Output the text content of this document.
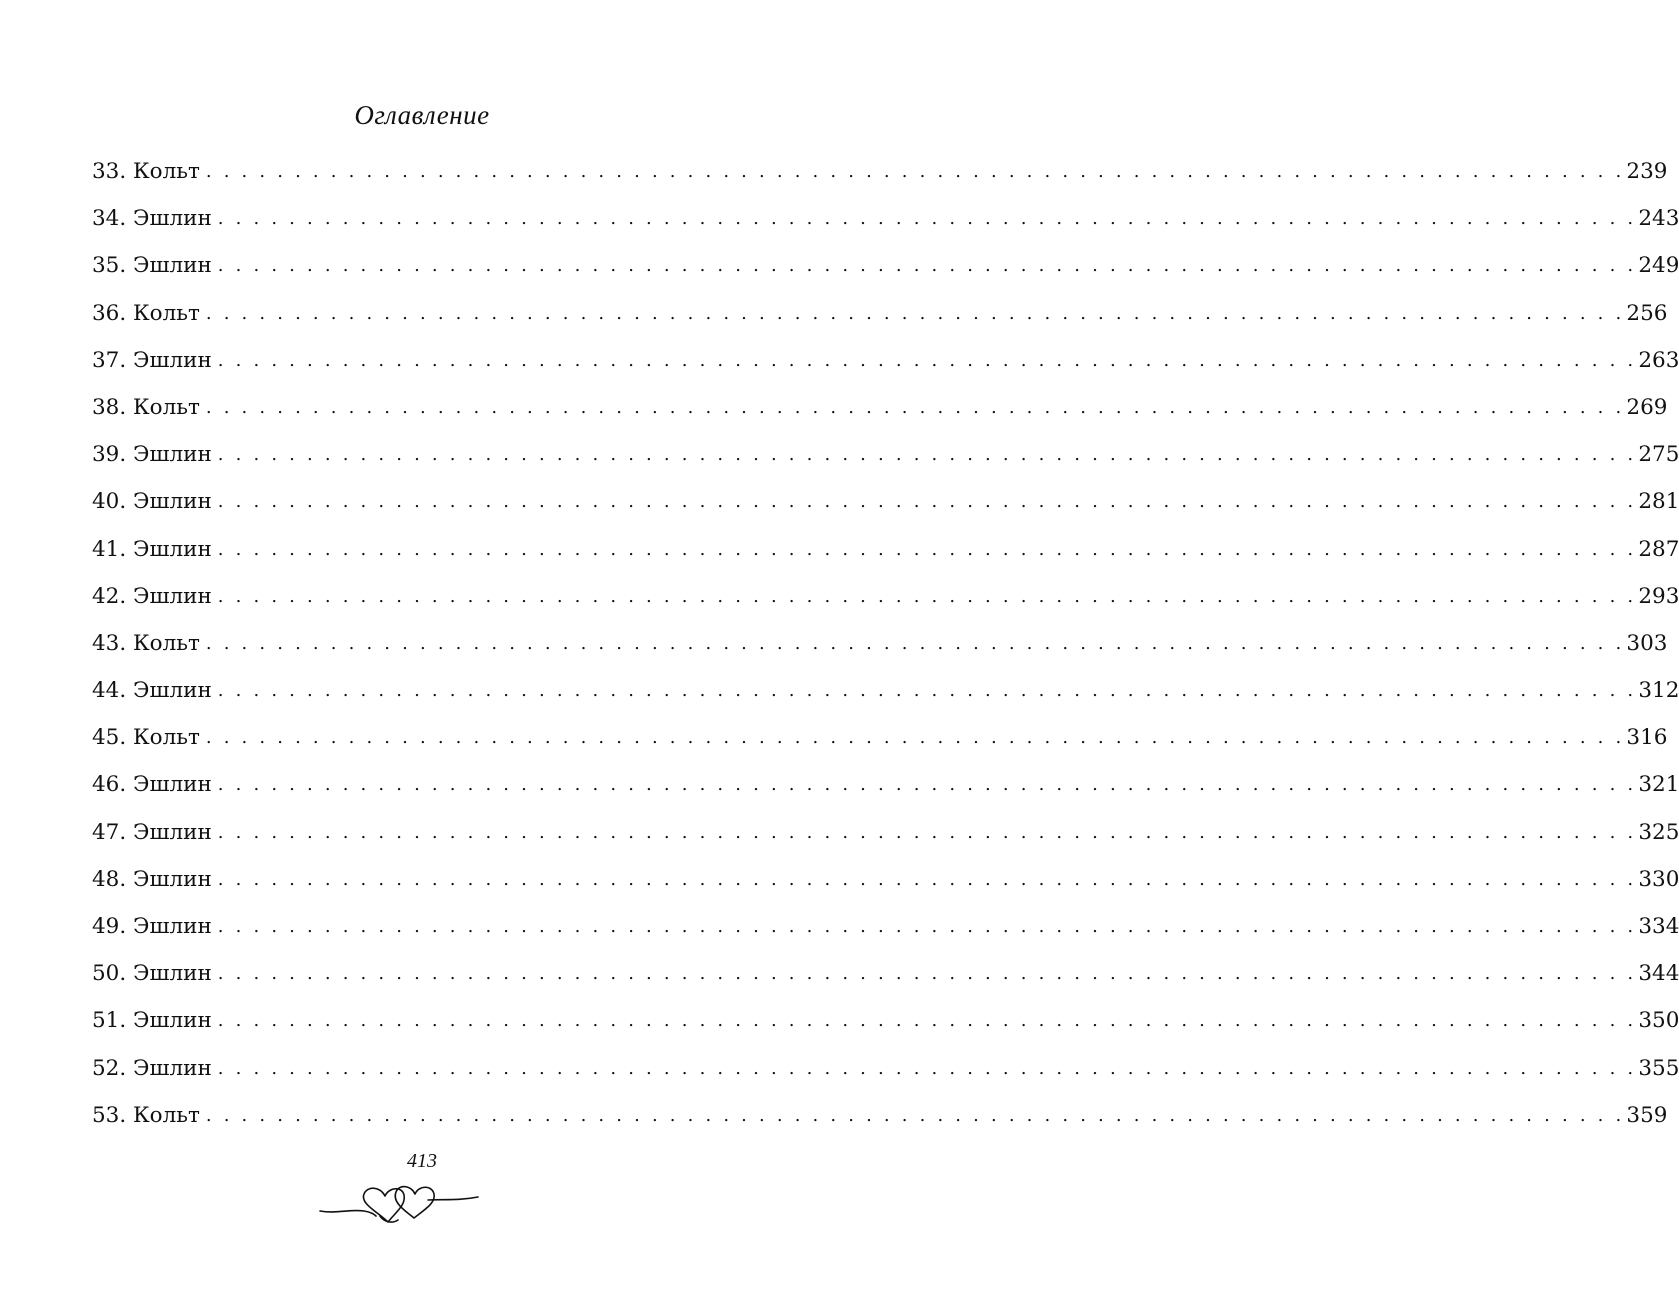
Оглавление
33. Кольт . . . . . . . . . . . . . . . . . . . . . . . . . . . . . . . . . . . . . . . . . . . . . . . . . . . . . . . . . . . . . . . . . . . . . . . . . . . . . . . . 239
34. Эшлин . . . . . . . . . . . . . . . . . . . . . . . . . . . . . . . . . . . . . . . . . . . . . . . . . . . . . . . . . . . . . . . . . . . . . . . . . . . . . . . . 243
35. Эшлин . . . . . . . . . . . . . . . . . . . . . . . . . . . . . . . . . . . . . . . . . . . . . . . . . . . . . . . . . . . . . . . . . . . . . . . . . . . . . . . . 249
36. Кольт . . . . . . . . . . . . . . . . . . . . . . . . . . . . . . . . . . . . . . . . . . . . . . . . . . . . . . . . . . . . . . . . . . . . . . . . . . . . . . . . 256
37. Эшлин . . . . . . . . . . . . . . . . . . . . . . . . . . . . . . . . . . . . . . . . . . . . . . . . . . . . . . . . . . . . . . . . . . . . . . . . . . . . . . . . 263
38. Кольт . . . . . . . . . . . . . . . . . . . . . . . . . . . . . . . . . . . . . . . . . . . . . . . . . . . . . . . . . . . . . . . . . . . . . . . . . . . . . . . . 269
39. Эшлин . . . . . . . . . . . . . . . . . . . . . . . . . . . . . . . . . . . . . . . . . . . . . . . . . . . . . . . . . . . . . . . . . . . . . . . . . . . . . . . . 275
40. Эшлин . . . . . . . . . . . . . . . . . . . . . . . . . . . . . . . . . . . . . . . . . . . . . . . . . . . . . . . . . . . . . . . . . . . . . . . . . . . . . . . . 281
41. Эшлин . . . . . . . . . . . . . . . . . . . . . . . . . . . . . . . . . . . . . . . . . . . . . . . . . . . . . . . . . . . . . . . . . . . . . . . . . . . . . . . . 287
42. Эшлин . . . . . . . . . . . . . . . . . . . . . . . . . . . . . . . . . . . . . . . . . . . . . . . . . . . . . . . . . . . . . . . . . . . . . . . . . . . . . . . . 293
43. Кольт . . . . . . . . . . . . . . . . . . . . . . . . . . . . . . . . . . . . . . . . . . . . . . . . . . . . . . . . . . . . . . . . . . . . . . . . . . . . . . . . 303
44. Эшлин . . . . . . . . . . . . . . . . . . . . . . . . . . . . . . . . . . . . . . . . . . . . . . . . . . . . . . . . . . . . . . . . . . . . . . . . . . . . . . . . 312
45. Кольт . . . . . . . . . . . . . . . . . . . . . . . . . . . . . . . . . . . . . . . . . . . . . . . . . . . . . . . . . . . . . . . . . . . . . . . . . . . . . . . . 316
46. Эшлин . . . . . . . . . . . . . . . . . . . . . . . . . . . . . . . . . . . . . . . . . . . . . . . . . . . . . . . . . . . . . . . . . . . . . . . . . . . . . . . . 321
47. Эшлин . . . . . . . . . . . . . . . . . . . . . . . . . . . . . . . . . . . . . . . . . . . . . . . . . . . . . . . . . . . . . . . . . . . . . . . . . . . . . . . . 325
48. Эшлин . . . . . . . . . . . . . . . . . . . . . . . . . . . . . . . . . . . . . . . . . . . . . . . . . . . . . . . . . . . . . . . . . . . . . . . . . . . . . . . . 330
49. Эшлин . . . . . . . . . . . . . . . . . . . . . . . . . . . . . . . . . . . . . . . . . . . . . . . . . . . . . . . . . . . . . . . . . . . . . . . . . . . . . . . . 334
50. Эшлин . . . . . . . . . . . . . . . . . . . . . . . . . . . . . . . . . . . . . . . . . . . . . . . . . . . . . . . . . . . . . . . . . . . . . . . . . . . . . . . . 344
51. Эшлин . . . . . . . . . . . . . . . . . . . . . . . . . . . . . . . . . . . . . . . . . . . . . . . . . . . . . . . . . . . . . . . . . . . . . . . . . . . . . . . . 350
52. Эшлин . . . . . . . . . . . . . . . . . . . . . . . . . . . . . . . . . . . . . . . . . . . . . . . . . . . . . . . . . . . . . . . . . . . . . . . . . . . . . . . . 355
53. Кольт . . . . . . . . . . . . . . . . . . . . . . . . . . . . . . . . . . . . . . . . . . . . . . . . . . . . . . . . . . . . . . . . . . . . . . . . . . . . . . . . 359
413
